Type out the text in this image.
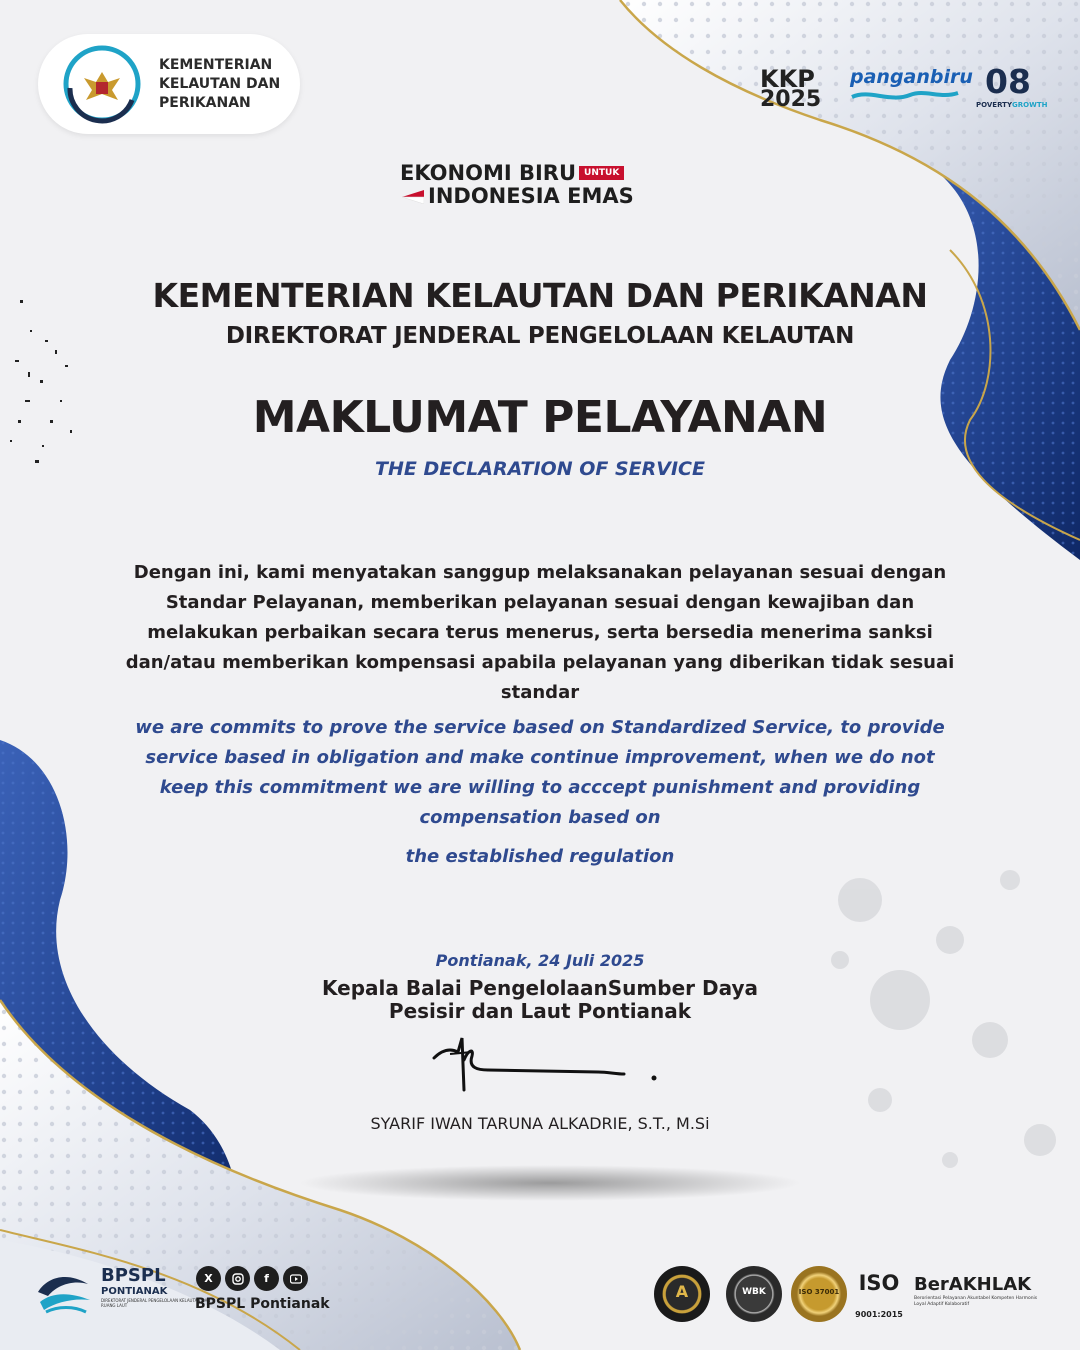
KEMENTERIAN
KELAUTAN DAN
PERIKANAN
KKP
2025
panganbiru 08
POVERTY GROWTH
EKONOMI BIRU UNTUK
INDONESIA EMAS
KEMENTERIAN KELAUTAN DAN PERIKANAN
DIREKTORAT JENDERAL PENGELOLAAN KELAUTAN
MAKLUMAT PELAYANAN
THE DECLARATION OF SERVICE
Dengan ini, kami menyatakan sanggup melaksanakan pelayanan sesuai dengan Standar Pelayanan, memberikan pelayanan sesuai dengan kewajiban dan melakukan perbaikan secara terus menerus, serta bersedia menerima sanksi dan/atau memberikan kompensasi apabila pelayanan yang diberikan tidak sesuai standar
we are commits to prove the service based on Standardized Service, to provide service based in obligation and make continue improvement, when we do not keep this commitment we are willing to acccept punishment and providing compensation based on
the established regulation
Pontianak, 24 Juli 2025
Kepala Balai PengelolaanSumber Daya
Pesisir dan Laut Pontianak
SYARIF IWAN TARUNA ALKADRIE, S.T., M.Si
BPSPL
PONTIANAK
DIREKTORAT JENDERAL PENGELOLAAN KELAUTAN DAN RUANG LAUT
X	f
BPSPL Pontianak
A	WBK	ISO 37001 ISO
9001:2015
BerAKHLAK
Berorientasi Pelayanan Akuntabel Kompeten Harmonis Loyal Adaptif Kolaboratif
